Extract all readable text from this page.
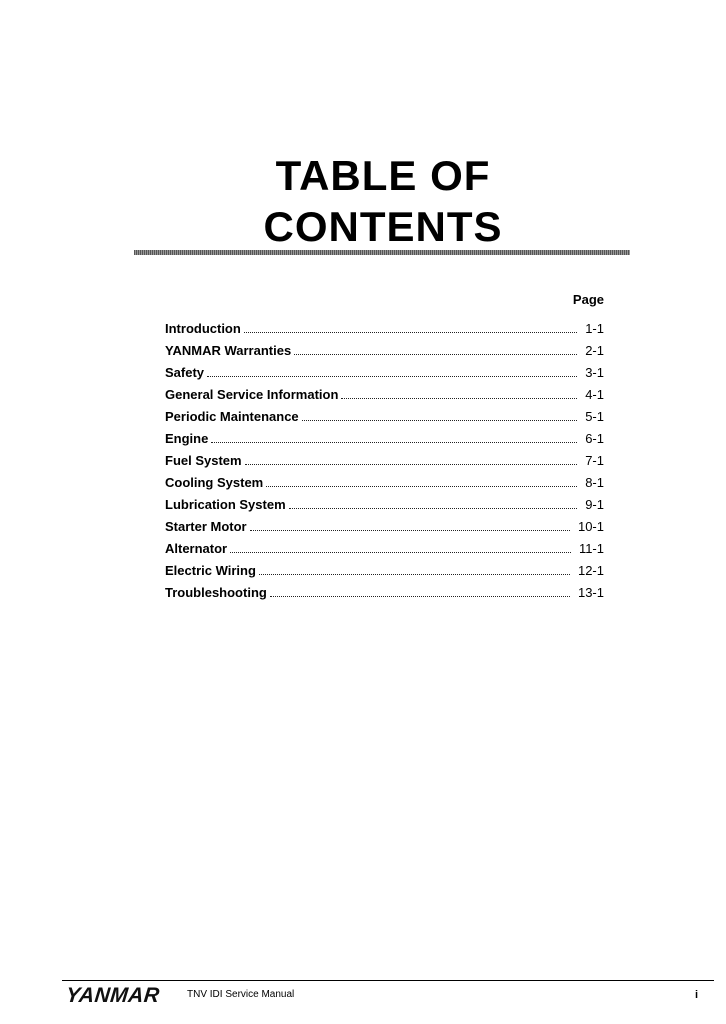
TABLE OF
CONTENTS
Page
Introduction	1-1
YANMAR Warranties	2-1
Safety	3-1
General Service Information	4-1
Periodic Maintenance	5-1
Engine	6-1
Fuel System	7-1
Cooling System	8-1
Lubrication System	9-1
Starter Motor	10-1
Alternator	11-1
Electric Wiring	12-1
Troubleshooting	13-1
YANMAR	TNV IDI Service Manual	i
